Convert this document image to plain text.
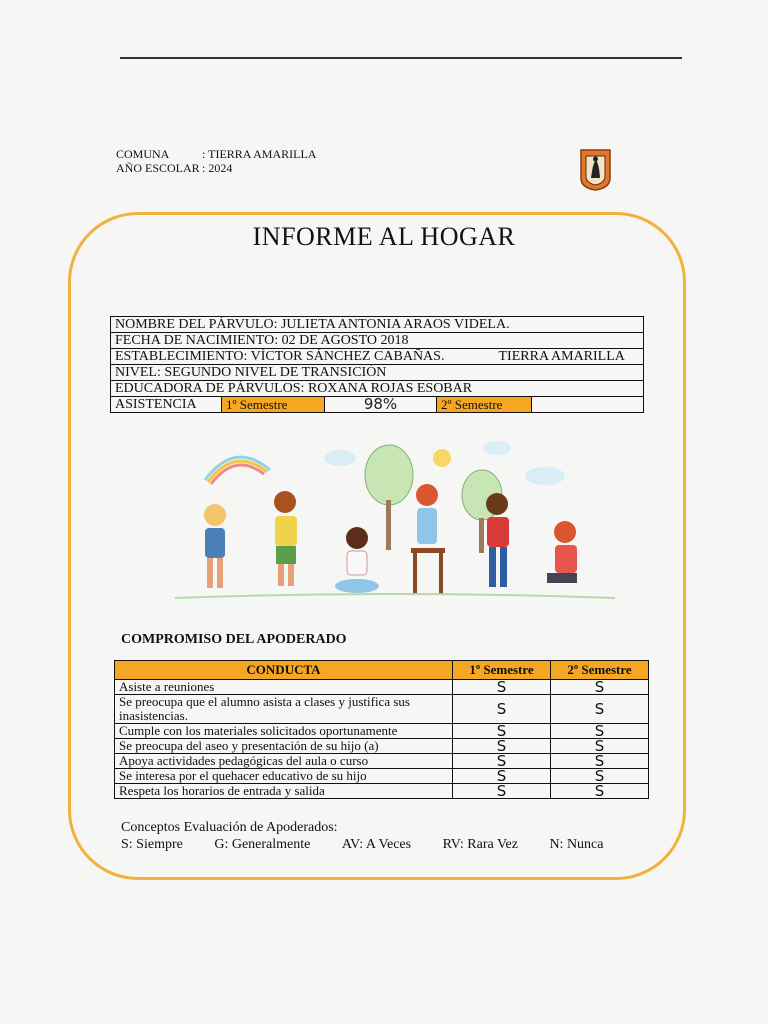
COMUNA	: TIERRA AMARILLA
AÑO ESCOLAR : 2024
INFORME AL HOGAR
NOMBRE DEL PÁRVULO: JULIETA ANTONIA ARAOS VIDELA.
FECHA DE NACIMIENTO: 02 DE AGOSTO 2018
ESTABLECIMIENTO: VÍCTOR SÁNCHEZ CABAÑAS.	TIERRA AMARILLA

NIVEL: SEGUNDO NIVEL DE TRANSICIÓN
EDUCADORA DE PÁRVULOS: ROXANA ROJAS ESOBAR
ASISTENCIA	1º Semestre	98%	2º Semestre	
COMPROMISO DEL APODERADO
CONDUCTA	1º Semestre	2º Semestre
Asiste a reuniones	S	S
Se preocupa que el alumno asista a clases y justifica sus inasistencias.	S	S
Cumple con los materiales solicitados oportunamente	S	S
Se preocupa del aseo y presentación de su hijo (a)	S	S
Apoya actividades pedagógicas del aula o curso	S	S
Se interesa por el quehacer educativo de su hijo	S	S
Respeta los horarios de entrada y salida	S	S
Conceptos Evaluación de Apoderados:
S: Siempre G: Generalmente AV: A Veces RV: Rara Vez N: Nunca
